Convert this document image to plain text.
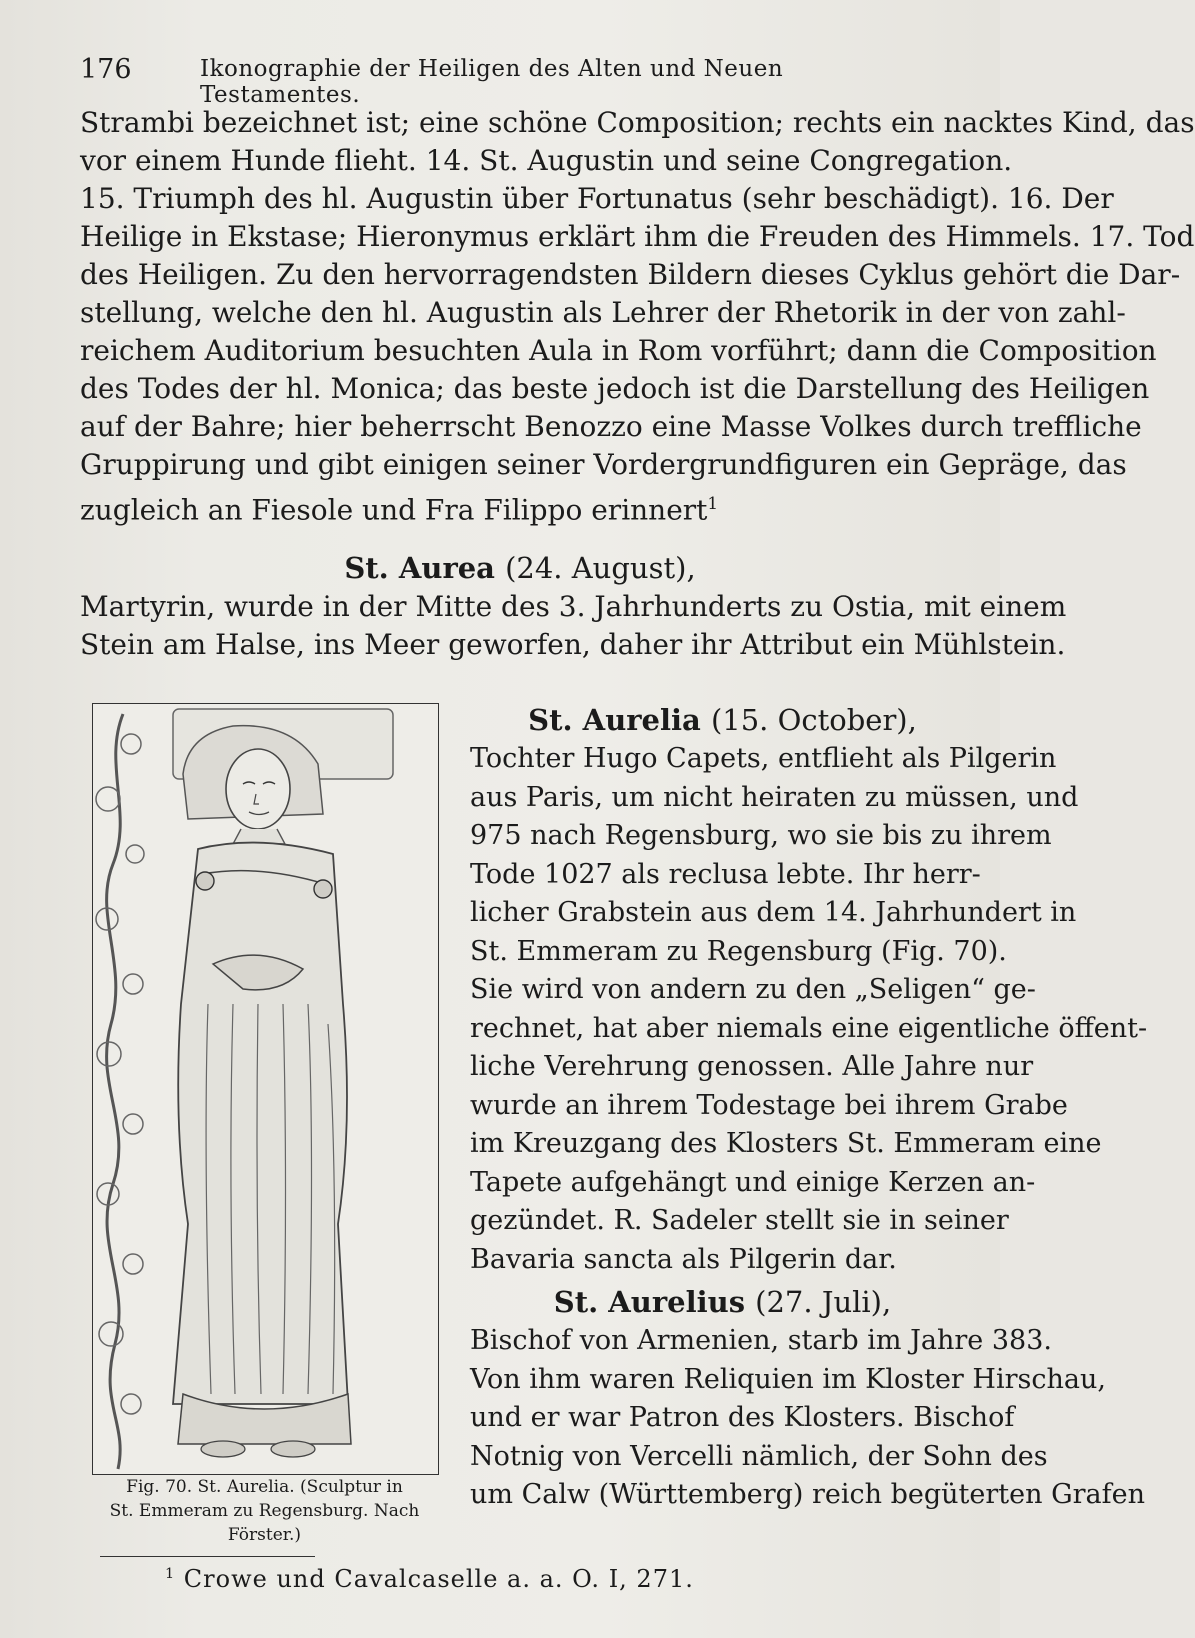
176	Ikonographie der Heiligen des Alten und Neuen Testamentes.
Strambi bezeichnet ist; eine schöne Composition; rechts ein nacktes Kind, das
vor einem Hunde flieht. 14. St. Augustin und seine Congregation.
15. Triumph des hl. Augustin über Fortunatus (sehr beschädigt). 16. Der
Heilige in Ekstase; Hieronymus erklärt ihm die Freuden des Himmels. 17. Tod
des Heiligen. Zu den hervorragendsten Bildern dieses Cyklus gehört die Dar-
stellung, welche den hl. Augustin als Lehrer der Rhetorik in der von zahl-
reichem Auditorium besuchten Aula in Rom vorführt; dann die Composition
des Todes der hl. Monica; das beste jedoch ist die Darstellung des Heiligen
auf der Bahre; hier beherrscht Benozzo eine Masse Volkes durch treffliche
Gruppirung und gibt einigen seiner Vordergrundfiguren ein Gepräge, das
zugleich an Fiesole und Fra Filippo erinnert$^1$
St. Aurea (24. August),
Martyrin, wurde in der Mitte des 3. Jahrhunderts zu Ostia, mit einem
Stein am Halse, ins Meer geworfen, daher ihr Attribut ein Mühlstein.
Fig. 70. St. Aurelia. (Sculptur in
St. Emmeram zu Regensburg. Nach
Förster.)
St. Aurelia (15. October),
Tochter Hugo Capets, entflieht als Pilgerin
aus Paris, um nicht heiraten zu müssen, und
975 nach Regensburg, wo sie bis zu ihrem
Tode 1027 als reclusa lebte. Ihr herr-
licher Grabstein aus dem 14. Jahrhundert in
St. Emmeram zu Regensburg (Fig. 70).
Sie wird von andern zu den „Seligen“ ge-
rechnet, hat aber niemals eine eigentliche öffent-
liche Verehrung genossen. Alle Jahre nur
wurde an ihrem Todestage bei ihrem Grabe
im Kreuzgang des Klosters St. Emmeram eine
Tapete aufgehängt und einige Kerzen an-
gezündet. R. Sadeler stellt sie in seiner
Bavaria sancta als Pilgerin dar.
St. Aurelius (27. Juli),
Bischof von Armenien, starb im Jahre 383.
Von ihm waren Reliquien im Kloster Hirschau,
und er war Patron des Klosters. Bischof
Notnig von Vercelli nämlich, der Sohn des
um Calw (Württemberg) reich begüterten Grafen
$^1$ Crowe und Cavalcaselle a. a. O. I, 271.
